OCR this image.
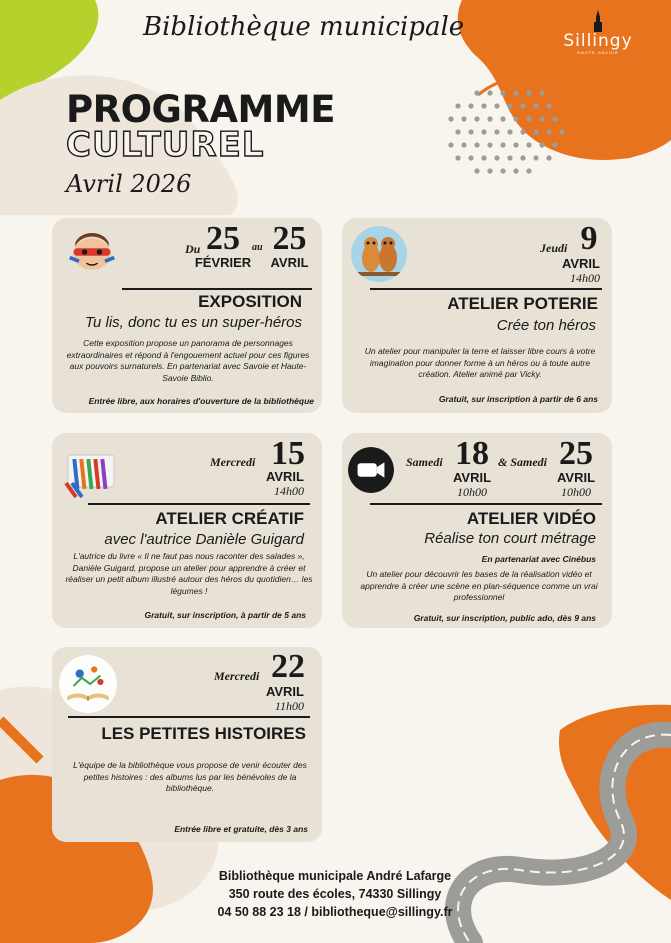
Bibliothèque municipale	Sillingy
HAUTE-SAVOIE
PROGRAMME
CULTUREL
Avril 2026
Du 25
FÉVRIER
au 25
AVRIL
EXPOSITION
Tu lis, donc tu es un super-héros
Cette exposition propose un panorama de personnages extraordinaires et répond à l'engouement actuel pour ces figures aux pouvoirs surnaturels. En partenariat avec Savoie et Haute-Savoie Biblio.
Entrée libre, aux horaires d'ouverture de la bibliothèque
Jeudi 9
AVRIL
14h00
ATELIER POTERIE
Crée ton héros
Un atelier pour manipuler la terre et laisser libre cours à votre imagination pour donner forme à un héros ou à toute autre création. Atelier animé par Vicky.
Gratuit, sur inscription à partir de 6 ans
Mercredi 15
AVRIL
14h00
ATELIER CRÉATIF
avec l'autrice Danièle Guigard
L'autrice du livre « Il ne faut pas nous raconter des salades », Danièle Guigard, propose un atelier pour apprendre à créer et réaliser un petit album illustré autour des héros du quotidien… les légumes !
Gratuit, sur inscription, à partir de 5 ans
Samedi 18
AVRIL
10h00
& Samedi 25
AVRIL
10h00
ATELIER VIDÉO
Réalise ton court métrage
En partenariat avec Cinébus
Un atelier pour découvrir les bases de la réalisation vidéo et apprendre à créer une scène en plan-séquence comme un vrai professionnel
Gratuit, sur inscription, public ado, dès 9 ans
Mercredi 22
AVRIL
11h00
LES PETITES HISTOIRES
L'équipe de la bibliothèque vous propose de venir écouter des petites histoires : des albums lus par les bénévoles de la bibliothèque.
Entrée libre et gratuite, dès 3 ans
Bibliothèque municipale André Lafarge
350 route des écoles, 74330 Sillingy
04 50 88 23 18 / bibliotheque@sillingy.fr
